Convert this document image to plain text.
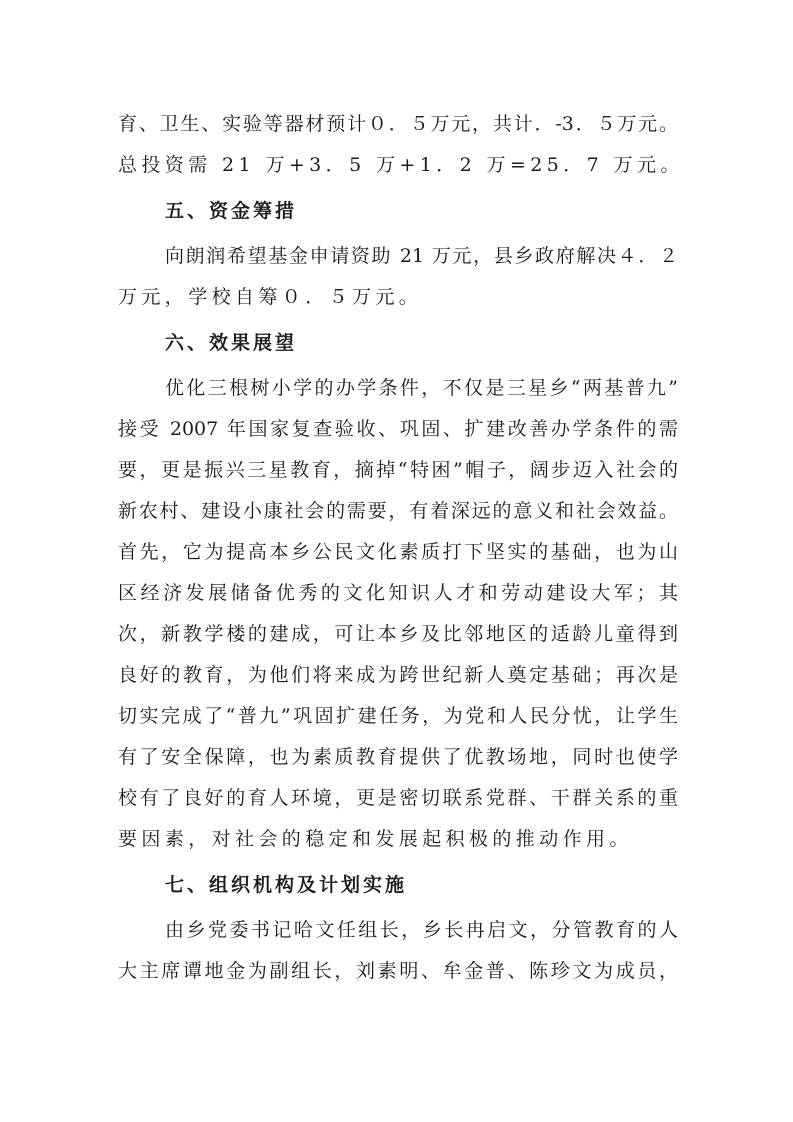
育、卫生、实验等器材预计０．５万元，共计．-3．５万元。
总投资需 21 万+3．5 万+1．2 万=25．7 万元。
五、资金筹措
向朗润希望基金申请资助 21 万元，县乡政府解决４．２
万元，学校自筹０．５万元。
六、效果展望
优化三根树小学的办学条件，不仅是三星乡“两基普九”
接受 2007 年国家复查验收、巩固、扩建改善办学条件的需
要，更是振兴三星教育，摘掉“特困”帽子，阔步迈入社会的
新农村、建设小康社会的需要，有着深远的意义和社会效益。
首先，它为提高本乡公民文化素质打下坚实的基础，也为山
区经济发展储备优秀的文化知识人才和劳动建设大军；其
次，新教学楼的建成，可让本乡及比邻地区的适龄儿童得到
良好的教育，为他们将来成为跨世纪新人奠定基础；再次是
切实完成了“普九”巩固扩建任务，为党和人民分忧，让学生
有了安全保障，也为素质教育提供了优教场地，同时也使学
校有了良好的育人环境，更是密切联系党群、干群关系的重
要因素，对社会的稳定和发展起积极的推动作用。
七、组织机构及计划实施
由乡党委书记哈文任组长，乡长冉启文，分管教育的人
大主席谭地金为副组长，刘素明、牟金普、陈珍文为成员，
